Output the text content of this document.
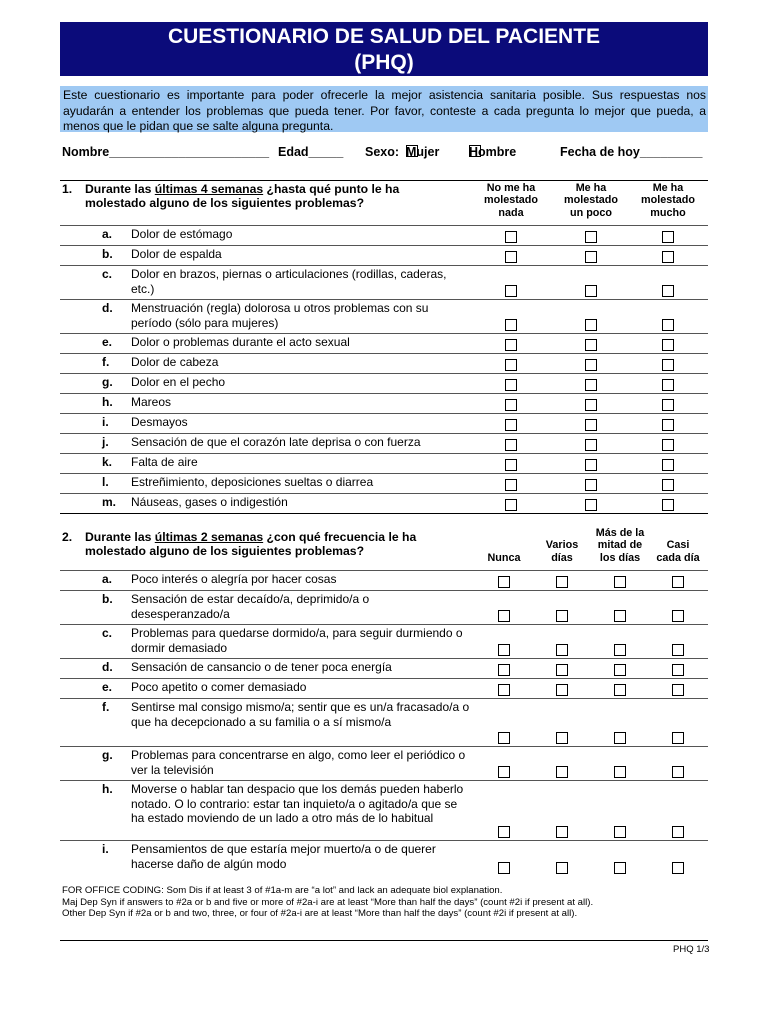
CUESTIONARIO DE SALUD DEL PACIENTE
(PHQ)
Este cuestionario es importante para poder ofrecerle la mejor asistencia sanitaria posible. Sus respuestas nos ayudarán a entender los problemas que pueda tener. Por favor, conteste a cada pregunta lo mejor que pueda, a menos que le pidan que se salte alguna pregunta.
Nombre_______________________ Edad_____ Sexo: Mujer Hombre	Fecha de hoy_________
1. Durante las últimas 4 semanas ¿hasta qué punto le ha molestado alguno de los siguientes problemas?
No me ha
molestado
nada
Me ha
molestado
un poco
Me ha
molestado
mucho
a. Dolor de estómago
b. Dolor de espalda
c. Dolor en brazos, piernas o articulaciones (rodillas, caderas, etc.)
d. Menstruación (regla) dolorosa u otros problemas con su período (sólo para mujeres)
e. Dolor o problemas durante el acto sexual
f. Dolor de cabeza
g. Dolor en el pecho
h. Mareos
i. Desmayos
j. Sensación de que el corazón late deprisa o con fuerza
k. Falta de aire
l. Estreñimiento, deposiciones sueltas o diarrea
m. Náuseas, gases o indigestión
2. Durante las últimas 2 semanas ¿con qué frecuencia le ha molestado alguno de los siguientes problemas?	Nunca
Varios
días
Más de la
mitad de
los días
Casi
cada día
a. Poco interés o alegría por hacer cosas
b. Sensación de estar decaído/a, deprimido/a o desesperanzado/a
c. Problemas para quedarse dormido/a, para seguir durmiendo o dormir demasiado
d. Sensación de cansancio o de tener poca energía
e. Poco apetito o comer demasiado
f. Sentirse mal consigo mismo/a; sentir que es un/a fracasado/a o que ha decepcionado a su familia o a sí mismo/a
g. Problemas para concentrarse en algo, como leer el periódico o ver la televisión
h. Moverse o hablar tan despacio que los demás pueden haberlo notado. O lo contrario: estar tan inquieto/a o agitado/a que se ha estado moviendo de un lado a otro más de lo habitual
i. Pensamientos de que estaría mejor muerto/a o de querer hacerse daño de algún modo
FOR OFFICE CODING: Som Dis if at least 3 of #1a-m are “a lot” and lack an adequate biol explanation.
Maj Dep Syn if answers to #2a or b and five or more of #2a-i are at least “More than half the days” (count #2i if present at all).
Other Dep Syn if #2a or b and two, three, or four of #2a-i are at least “More than half the days” (count #2i if present at all).
PHQ 1/3
